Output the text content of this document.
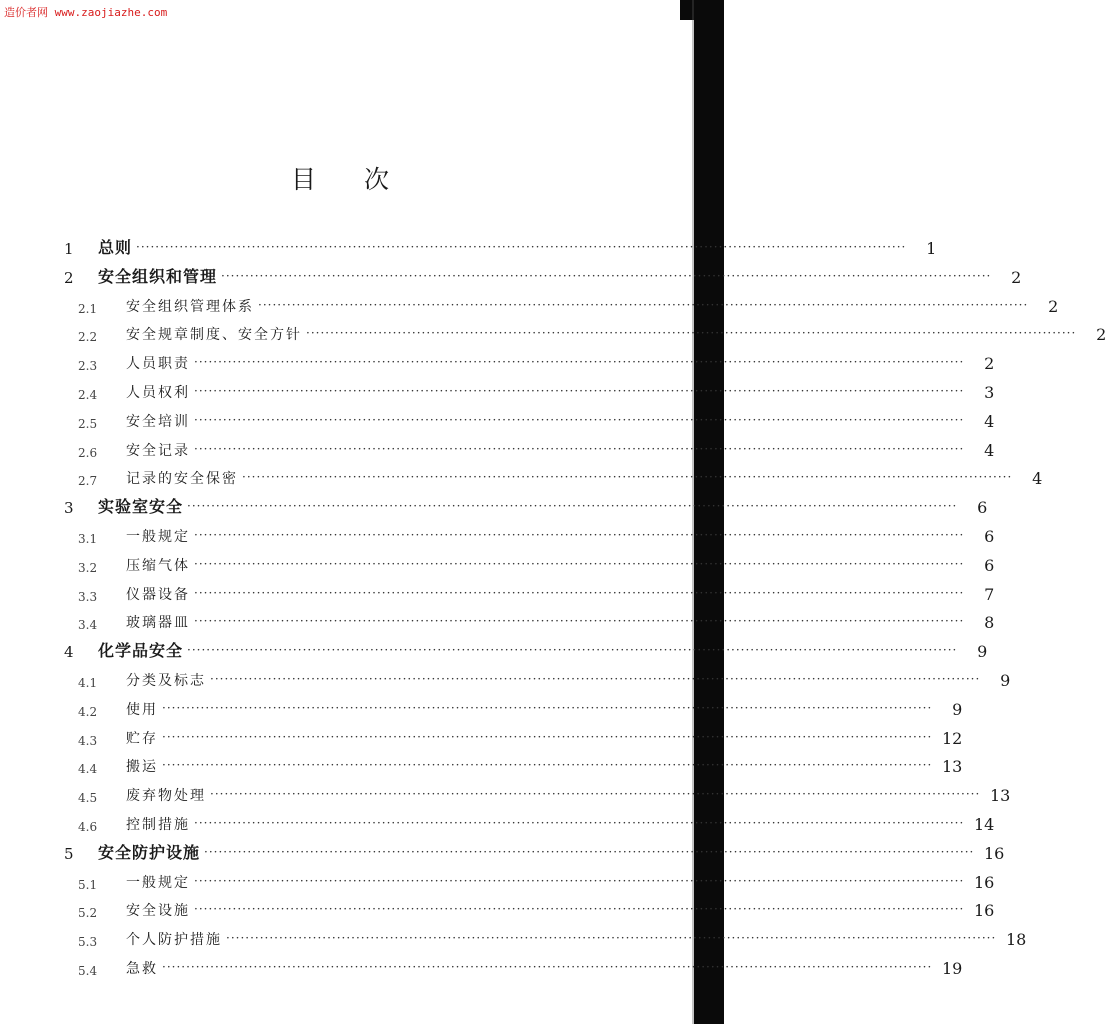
造价者网 www.zaojiazhe.com
目次
1	总则 ································································································································································	1
2	安全组织和管理 ································································································································································	2
2.1	安全组织管理体系 ································································································································································	2
2.2	安全规章制度、安全方针 ································································································································································	2
2.3	人员职责 ································································································································································	2
2.4	人员权利 ································································································································································	3
2.5	安全培训 ································································································································································	4
2.6	安全记录 ································································································································································	4
2.7	记录的安全保密 ································································································································································	4
3	实验室安全 ································································································································································	6
3.1	一般规定 ································································································································································	6
3.2	压缩气体 ································································································································································	6
3.3	仪器设备 ································································································································································	7
3.4	玻璃器皿 ································································································································································	8
4	化学品安全 ································································································································································	9
4.1	分类及标志 ································································································································································	9
4.2	使用 ································································································································································	9
4.3	贮存 ································································································································································ 12
4.4	搬运 ································································································································································ 13
4.5	废弃物处理 ································································································································································ 13
4.6	控制措施 ································································································································································ 14
5	安全防护设施 ································································································································································ 16
5.1	一般规定 ································································································································································ 16
5.2	安全设施 ································································································································································ 16
5.3	个人防护措施 ································································································································································ 18
5.4	急救 ································································································································································ 19
